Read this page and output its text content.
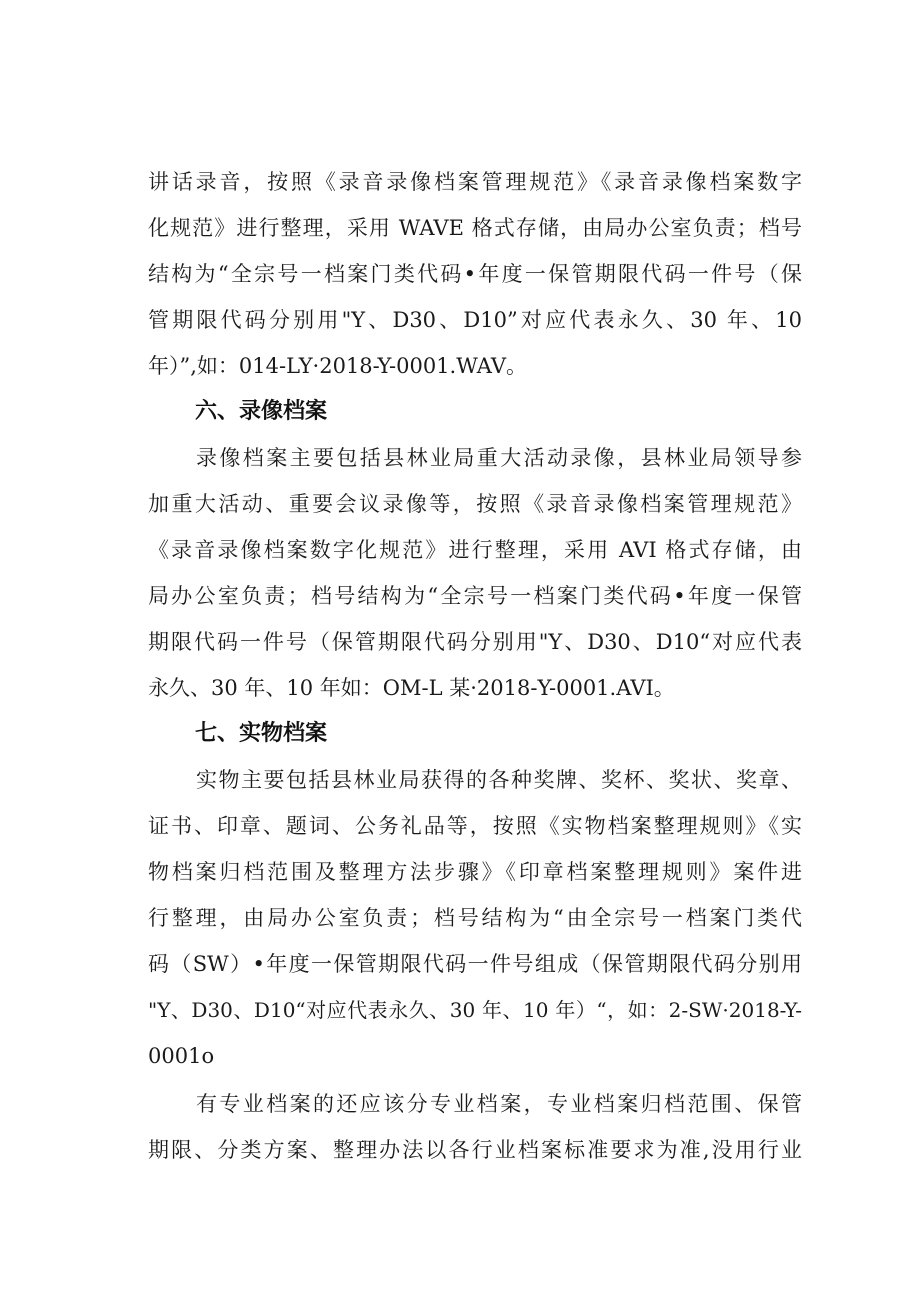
讲话录音，按照《录音录像档案管理规范》《录音录像档案数字
化规范》进行整理，采用 WAVE 格式存储，由局办公室负责；档号
结构为“全宗号一档案门类代码•年度一保管期限代码一件号（保
管期限代码分别用"Y、D30、D10”对应代表永久、30 年、10
年）”,如：014-LY·2018-Y-0001.WAV。
六、录像档案
录像档案主要包括县林业局重大活动录像，县林业局领导参
加重大活动、重要会议录像等，按照《录音录像档案管理规范》
《录音录像档案数字化规范》进行整理，采用 AVI 格式存储，由
局办公室负责；档号结构为“全宗号一档案门类代码•年度一保管
期限代码一件号（保管期限代码分别用"Y、D30、D10“对应代表
永久、30 年、10 年如：OM-L 某·2018-Y-0001.AVI。
七、实物档案
实物主要包括县林业局获得的各种奖牌、奖杯、奖状、奖章、
证书、印章、题词、公务礼品等，按照《实物档案整理规则》《实
物档案归档范围及整理方法步骤》《印章档案整理规则》案件进
行整理，由局办公室负责；档号结构为“由全宗号一档案门类代
码（SW）•年度一保管期限代码一件号组成（保管期限代码分别用
"Y、D30、D10“对应代表永久、30 年、10 年）“，如：2-SW·2018-Y-
0001o
有专业档案的还应该分专业档案，专业档案归档范围、保管
期限、分类方案、整理办法以各行业档案标准要求为准,没用行业
